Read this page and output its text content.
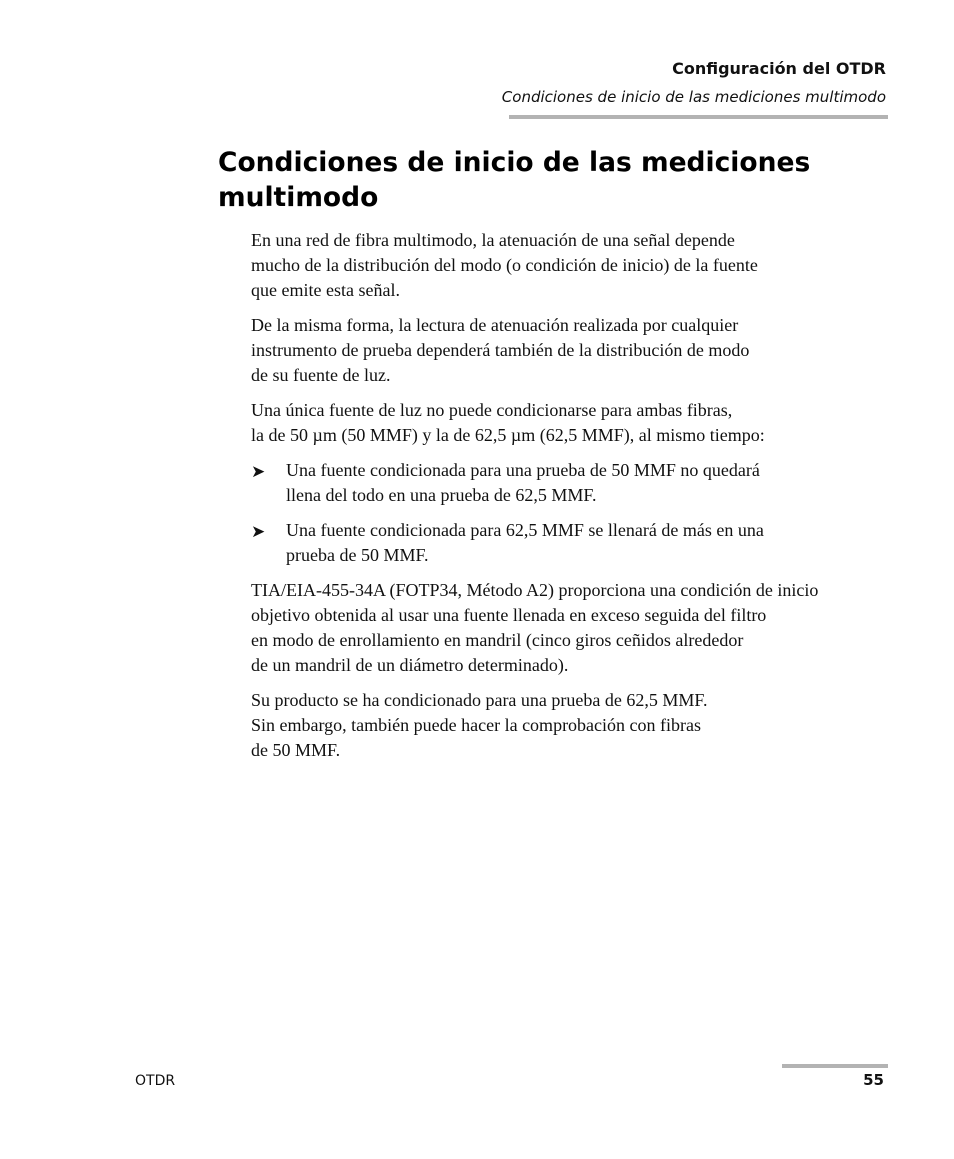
Configuración del OTDR
Condiciones de inicio de las mediciones multimodo
Condiciones de inicio de las mediciones
multimodo

En una red de fibra multimodo, la atenuación de una señal depende
mucho de la distribución del modo (o condición de inicio) de la fuente
que emite esta señal.

De la misma forma, la lectura de atenuación realizada por cualquier
instrumento de prueba dependerá también de la distribución de modo
de su fuente de luz.

Una única fuente de luz no puede condicionarse para ambas fibras,
la de 50 µm (50 MMF) y la de 62,5 µm (62,5 MMF), al mismo tiempo:

➤ Una fuente condicionada para una prueba de 50 MMF no quedará
llena del todo en una prueba de 62,5 MMF.
➤ Una fuente condicionada para 62,5 MMF se llenará de más en una
prueba de 50 MMF.

TIA/EIA-455-34A (FOTP34, Método A2) proporciona una condición de inicio
objetivo obtenida al usar una fuente llenada en exceso seguida del filtro
en modo de enrollamiento en mandril (cinco giros ceñidos alrededor
de un mandril de un diámetro determinado).

Su producto se ha condicionado para una prueba de 62,5 MMF.
Sin embargo, también puede hacer la comprobación con fibras
de 50 MMF.

OTDR	55
